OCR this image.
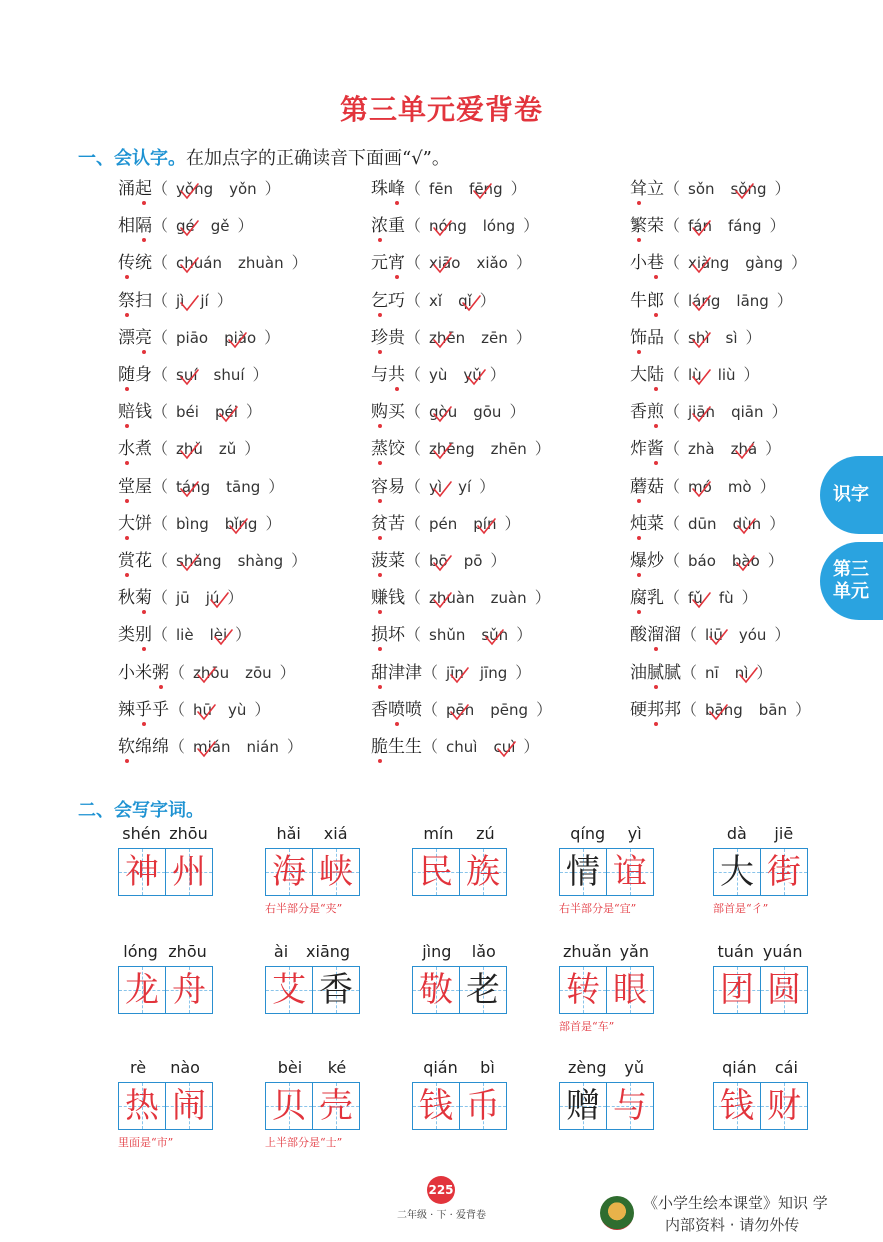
第三单元爱背卷
一、会认字。在加点字的正确读音下面画“√”。
涌起（ yǒng yǒn ）
相隔（ gé gě ）
传统（ chuán zhuàn ）
祭扫（ jì jí ）
漂亮（ piāo piào ）
随身（ suí shuí ）
赔钱（ béi péi ）
水煮（ zhǔ zǔ ）
堂屋（ táng tāng ）
大饼（ bìng bǐng ）
赏花（ shǎng shàng ）
秋菊（ jū jú ）
类别（ liè lèi ）
小米粥（ zhōu zōu ）
辣乎乎（ hū yù ）
软绵绵（ mián nián ）
珠峰（ fēn fēng ）
浓重（ nóng lóng ）
元宵（ xiāo xiǎo ）
乞巧（ xǐ qǐ ）
珍贵（ zhēn zēn ）
与共（ yù yǔ ）
购买（ gòu gōu ）
蒸饺（ zhēng zhēn ）
容易（ yì yí ）
贫苦（ pén pín ）
菠菜（ bō pō ）
赚钱（ zhuàn zuàn ）
损坏（ shǔn sǔn ）
甜津津（ jīn jīng ）
香喷喷（ pēn pēng ）
脆生生（ chuì cuì ）
耸立（ sǒn sǒng ）
繁荣（ fán fáng ）
小巷（ xiàng gàng ）
牛郎（ láng lāng ）
饰品（ shì sì ）
大陆（ lù liù ）
香煎（ jiān qiān ）
炸酱（ zhà zhá ）
蘑菇（ mó mò ）
炖菜（ dūn dùn ）
爆炒（ báo bào ）
腐乳（ fǔ fù ）
酸溜溜（ liū yóu ）
油腻腻（ nī nì ）
硬邦邦（ bāng bān ）
二、会写字词。
shén zhōu
神 州
hǎi xiá
海 峡
右半部分是“夹”
mín zú
民 族
qíng yì
情 谊
右半部分是“宜”
dà jiē
大 街
部首是“彳”
lóng zhōu
龙 舟
ài xiāng
艾 香
jìng lǎo
敬 老
zhuǎn yǎn
转 眼
部首是“车”
tuán yuán
团 圆
rè nào
热 闹
里面是“市”
bèi ké
贝 壳
上半部分是“士”
qián bì
钱 币
zèng yǔ
赠 与
qián cái
钱 财
识字
第三单元
225
二年级 · 下 · 爱背卷
《小学生绘本课堂》知识 学
内部资料 · 请勿外传
